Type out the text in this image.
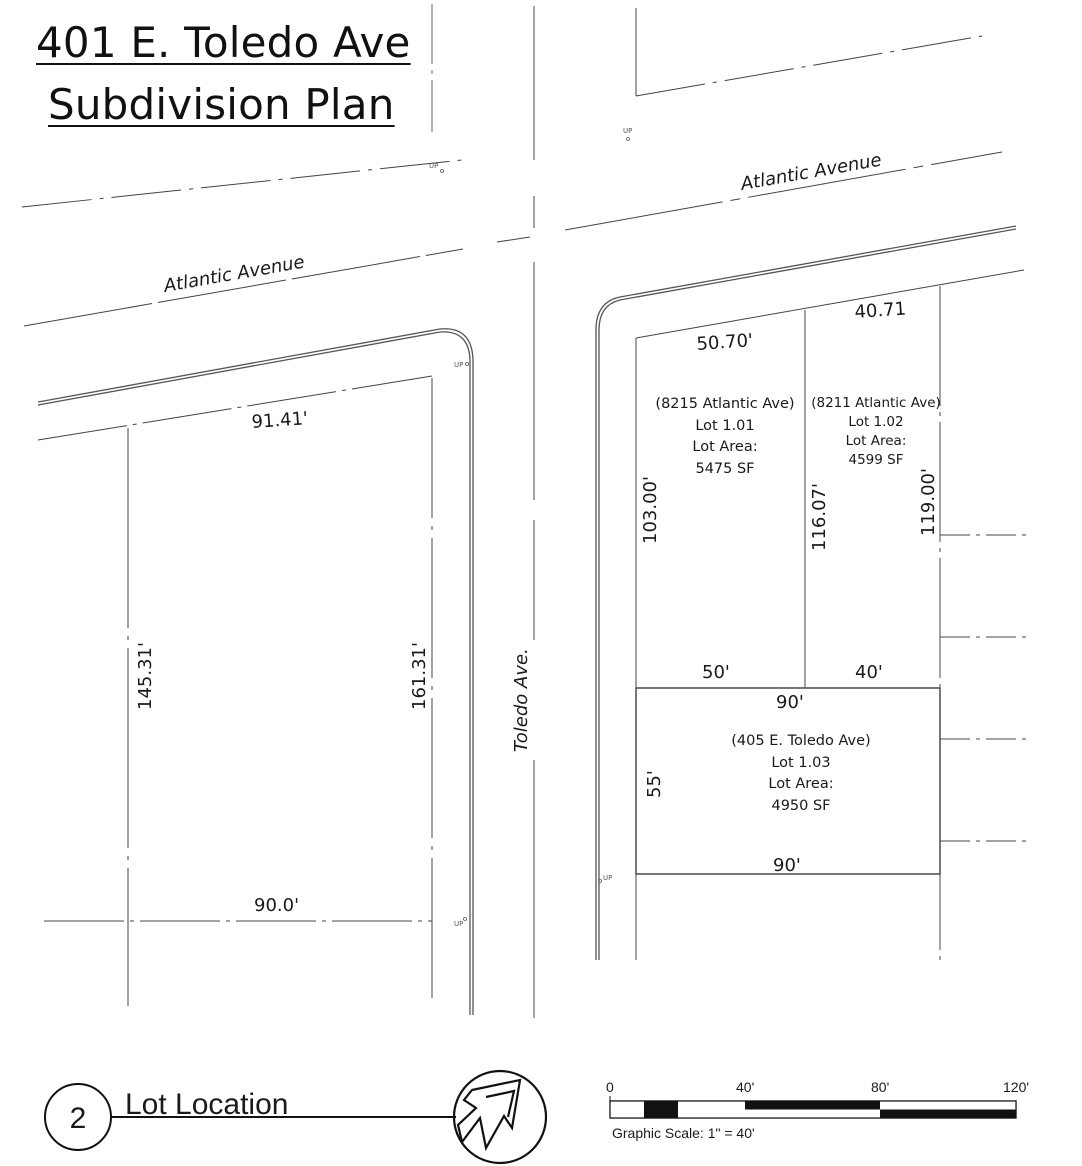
401 E. Toledo Ave
Subdivision Plan
UP
UP
UP
UP
UP
Atlantic Avenue
Atlantic Avenue
Toledo Ave.
91.41'
90.0'
145.31'	161.31'
50.70'
103.00'
50'
(8215 Atlantic Ave)
Lot 1.01
Lot Area:
5475 SF
40.71
116.07'	119.00'
40'
(8211 Atlantic Ave)
Lot 1.02
Lot Area:
4599 SF
90'
90'
55'
(405 E. Toledo Ave)
Lot 1.03
Lot Area:
4950 SF
2 Lot Location
0	40'	80'	120'
Graphic Scale: 1" = 40'
